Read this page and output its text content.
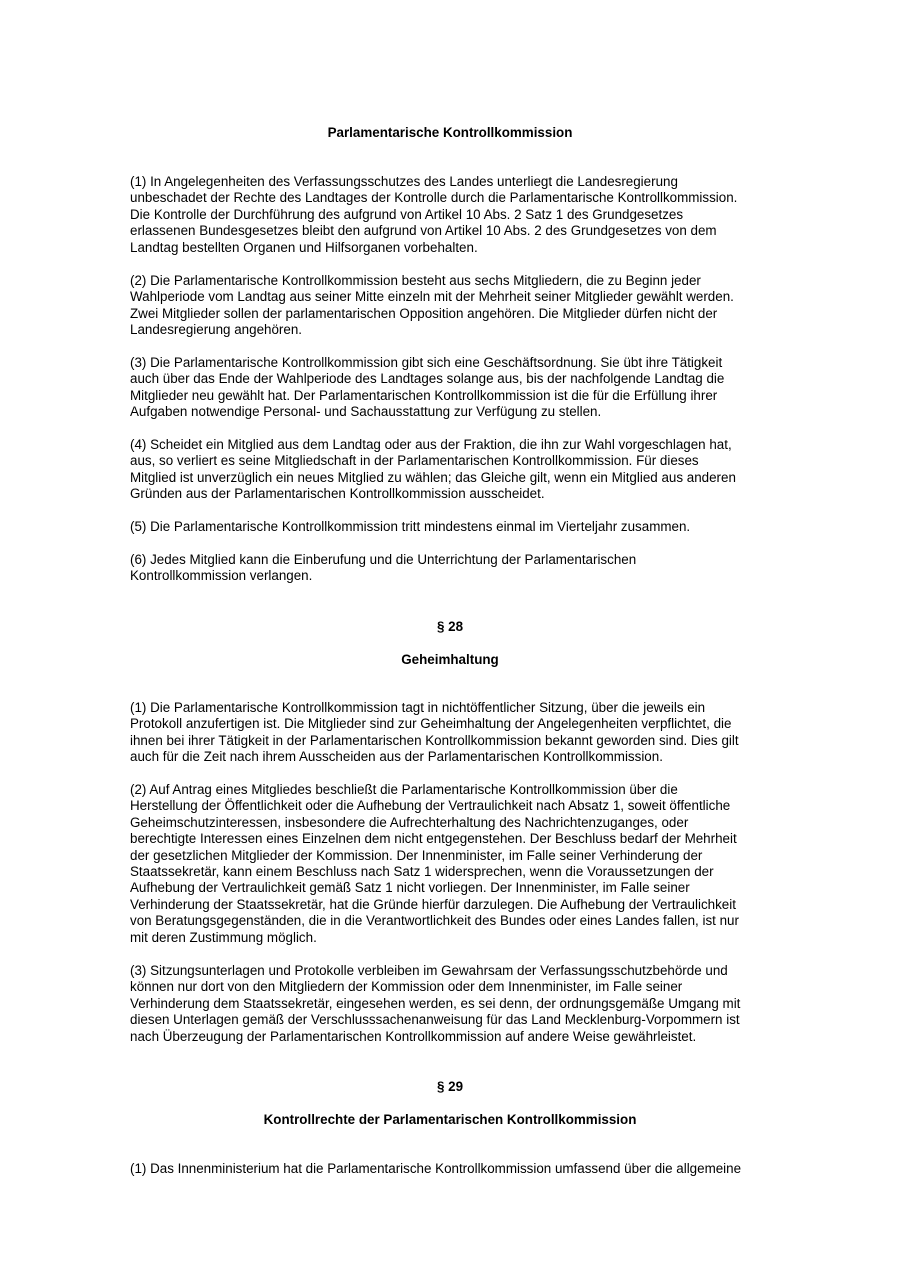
Parlamentarische Kontrollkommission
(1) In Angelegenheiten des Verfassungsschutzes des Landes unterliegt die Landesregierung
unbeschadet der Rechte des Landtages der Kontrolle durch die Parlamentarische Kontrollkommission.
Die Kontrolle der Durchführung des aufgrund von Artikel 10 Abs. 2 Satz 1 des Grundgesetzes
erlassenen Bundesgesetzes bleibt den aufgrund von Artikel 10 Abs. 2 des Grundgesetzes von dem
Landtag bestellten Organen und Hilfsorganen vorbehalten.
(2) Die Parlamentarische Kontrollkommission besteht aus sechs Mitgliedern, die zu Beginn jeder
Wahlperiode vom Landtag aus seiner Mitte einzeln mit der Mehrheit seiner Mitglieder gewählt werden.
Zwei Mitglieder sollen der parlamentarischen Opposition angehören. Die Mitglieder dürfen nicht der
Landesregierung angehören.
(3) Die Parlamentarische Kontrollkommission gibt sich eine Geschäftsordnung. Sie übt ihre Tätigkeit
auch über das Ende der Wahlperiode des Landtages solange aus, bis der nachfolgende Landtag die
Mitglieder neu gewählt hat. Der Parlamentarischen Kontrollkommission ist die für die Erfüllung ihrer
Aufgaben notwendige Personal- und Sachausstattung zur Verfügung zu stellen.
(4) Scheidet ein Mitglied aus dem Landtag oder aus der Fraktion, die ihn zur Wahl vorgeschlagen hat,
aus, so verliert es seine Mitgliedschaft in der Parlamentarischen Kontrollkommission. Für dieses
Mitglied ist unverzüglich ein neues Mitglied zu wählen; das Gleiche gilt, wenn ein Mitglied aus anderen
Gründen aus der Parlamentarischen Kontrollkommission ausscheidet.
(5) Die Parlamentarische Kontrollkommission tritt mindestens einmal im Vierteljahr zusammen.
(6) Jedes Mitglied kann die Einberufung und die Unterrichtung der Parlamentarischen
Kontrollkommission verlangen.
§ 28
Geheimhaltung
(1) Die Parlamentarische Kontrollkommission tagt in nichtöffentlicher Sitzung, über die jeweils ein
Protokoll anzufertigen ist. Die Mitglieder sind zur Geheimhaltung der Angelegenheiten verpflichtet, die
ihnen bei ihrer Tätigkeit in der Parlamentarischen Kontrollkommission bekannt geworden sind. Dies gilt
auch für die Zeit nach ihrem Ausscheiden aus der Parlamentarischen Kontrollkommission.
(2) Auf Antrag eines Mitgliedes beschließt die Parlamentarische Kontrollkommission über die
Herstellung der Öffentlichkeit oder die Aufhebung der Vertraulichkeit nach Absatz 1, soweit öffentliche
Geheimschutzinteressen, insbesondere die Aufrechterhaltung des Nachrichtenzuganges, oder
berechtigte Interessen eines Einzelnen dem nicht entgegenstehen. Der Beschluss bedarf der Mehrheit
der gesetzlichen Mitglieder der Kommission. Der Innenminister, im Falle seiner Verhinderung der
Staatssekretär, kann einem Beschluss nach Satz 1 widersprechen, wenn die Voraussetzungen der
Aufhebung der Vertraulichkeit gemäß Satz 1 nicht vorliegen. Der Innenminister, im Falle seiner
Verhinderung der Staatssekretär, hat die Gründe hierfür darzulegen. Die Aufhebung der Vertraulichkeit
von Beratungsgegenständen, die in die Verantwortlichkeit des Bundes oder eines Landes fallen, ist nur
mit deren Zustimmung möglich.
(3) Sitzungsunterlagen und Protokolle verbleiben im Gewahrsam der Verfassungsschutzbehörde und
können nur dort von den Mitgliedern der Kommission oder dem Innenminister, im Falle seiner
Verhinderung dem Staatssekretär, eingesehen werden, es sei denn, der ordnungsgemäße Umgang mit
diesen Unterlagen gemäß der Verschlusssachenanweisung für das Land Mecklenburg-Vorpommern ist
nach Überzeugung der Parlamentarischen Kontrollkommission auf andere Weise gewährleistet.
§ 29
Kontrollrechte der Parlamentarischen Kontrollkommission
(1) Das Innenministerium hat die Parlamentarische Kontrollkommission umfassend über die allgemeine
